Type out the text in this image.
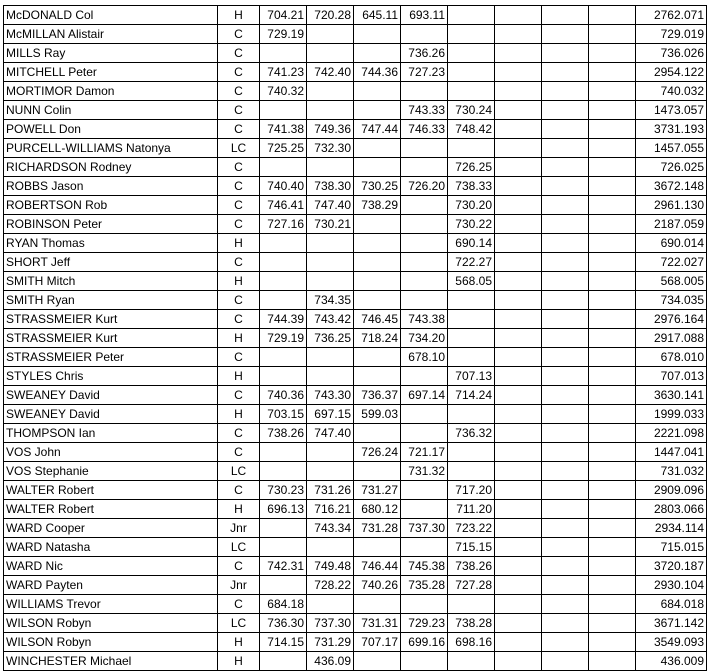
McDONALD Col	H	704.21	720.28	645.11	693.11					2762.071
McMILLAN Alistair	C	729.19								729.019
MILLS Ray	C				736.26					736.026
MITCHELL Peter	C	741.23	742.40	744.36	727.23					2954.122
MORTIMOR Damon	C	740.32								740.032
NUNN Colin	C				743.33	730.24				1473.057
POWELL Don	C	741.38	749.36	747.44	746.33	748.42				3731.193
PURCELL-WILLIAMS Natonya	LC	725.25	732.30							1457.055
RICHARDSON Rodney	C					726.25				726.025
ROBBS Jason	C	740.40	738.30	730.25	726.20	738.33				3672.148
ROBERTSON Rob	C	746.41	747.40	738.29		730.20				2961.130
ROBINSON Peter	C	727.16	730.21			730.22				2187.059
RYAN Thomas	H					690.14				690.014
SHORT Jeff	C					722.27				722.027
SMITH Mitch	H					568.05				568.005
SMITH Ryan	C		734.35							734.035
STRASSMEIER Kurt	C	744.39	743.42	746.45	743.38					2976.164
STRASSMEIER Kurt	H	729.19	736.25	718.24	734.20					2917.088
STRASSMEIER Peter	C				678.10					678.010
STYLES Chris	H					707.13				707.013
SWEANEY David	C	740.36	743.30	736.37	697.14	714.24				3630.141
SWEANEY David	H	703.15	697.15	599.03						1999.033
THOMPSON Ian	C	738.26	747.40			736.32				2221.098
VOS John	C			726.24	721.17					1447.041
VOS Stephanie	LC				731.32					731.032
WALTER Robert	C	730.23	731.26	731.27		717.20				2909.096
WALTER Robert	H	696.13	716.21	680.12		711.20				2803.066
WARD Cooper	Jnr		743.34	731.28	737.30	723.22				2934.114
WARD Natasha	LC					715.15				715.015
WARD Nic	C	742.31	749.48	746.44	745.38	738.26				3720.187
WARD Payten	Jnr		728.22	740.26	735.28	727.28				2930.104
WILLIAMS Trevor	C	684.18								684.018
WILSON Robyn	LC	736.30	737.30	731.31	729.23	738.28				3671.142
WILSON Robyn	H	714.15	731.29	707.17	699.16	698.16				3549.093
WINCHESTER Michael	H		436.09							436.009
